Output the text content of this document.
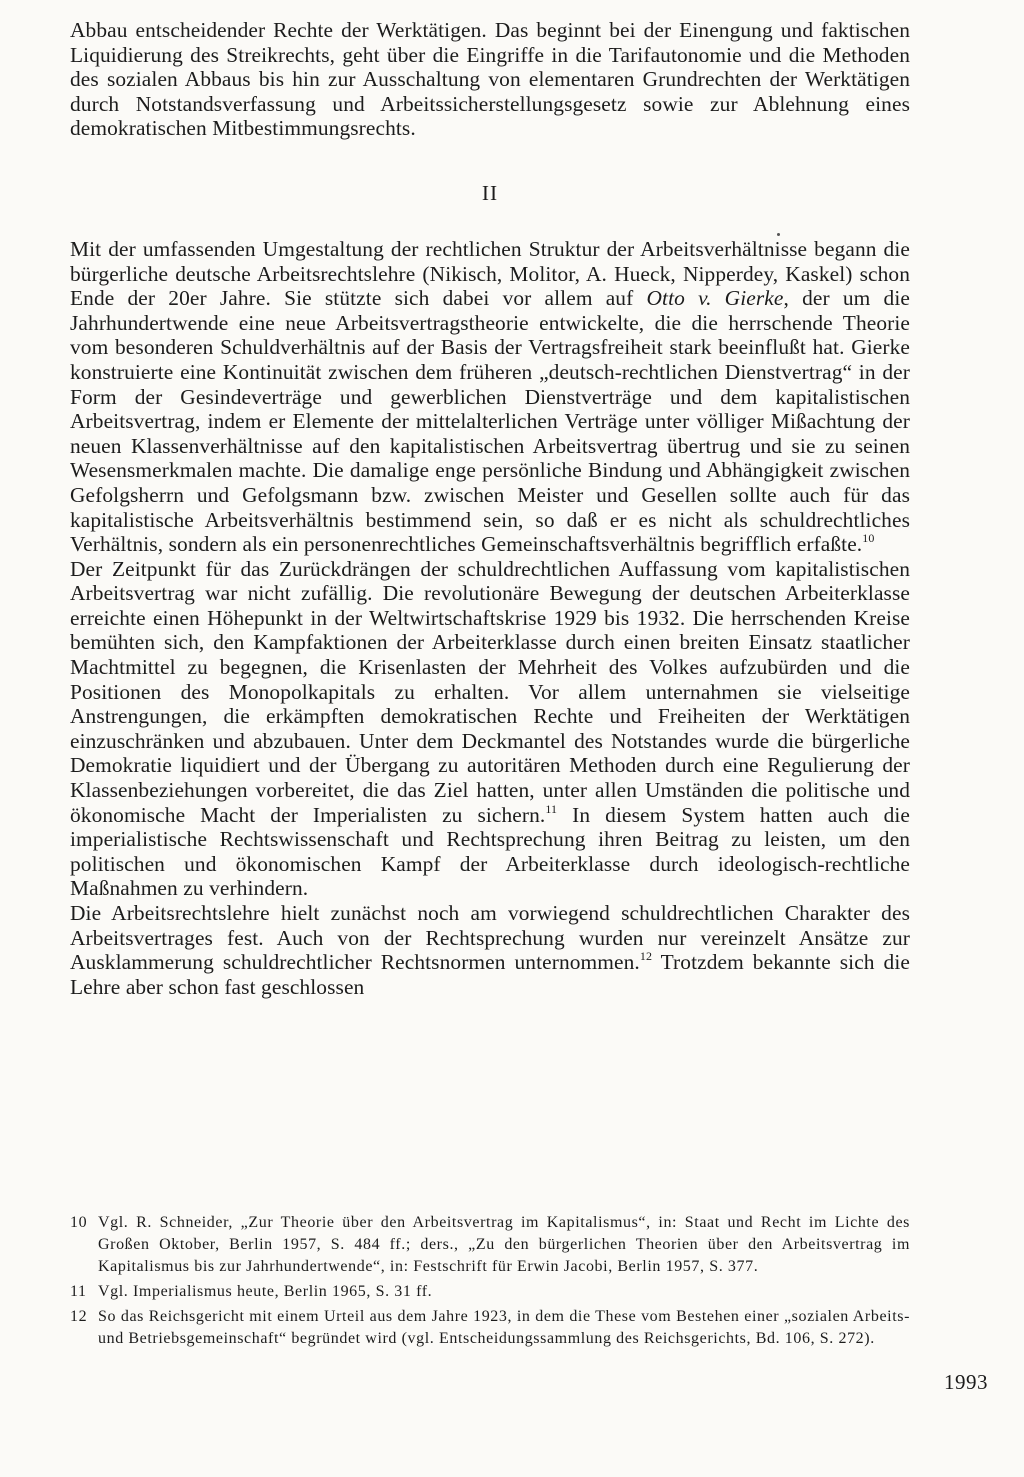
Abbau entscheidender Rechte der Werktätigen. Das beginnt bei der Einengung und faktischen Liquidierung des Streikrechts, geht über die Eingriffe in die Tarifautonomie und die Methoden des sozialen Abbaus bis hin zur Ausschaltung von elementaren Grundrechten der Werktätigen durch Notstandsverfassung und Arbeitssicherstellungsgesetz sowie zur Ablehnung eines demokratischen Mitbestimmungsrechts.

II

Mit der umfassenden Umgestaltung der rechtlichen Struktur der Arbeitsverhältnisse begann die bürgerliche deutsche Arbeitsrechtslehre (Nikisch, Molitor, A. Hueck, Nipperdey, Kaskel) schon Ende der 20er Jahre. Sie stützte sich dabei vor allem auf Otto v. Gierke, der um die Jahrhundertwende eine neue Arbeitsvertragstheorie entwickelte, die die herrschende Theorie vom besonderen Schuldverhältnis auf der Basis der Vertragsfreiheit stark beeinflußt hat. Gierke konstruierte eine Kontinuität zwischen dem früheren „deutsch-rechtlichen Dienstvertrag“ in der Form der Gesindeverträge und gewerblichen Dienstverträge und dem kapitalistischen Arbeitsvertrag, indem er Elemente der mittelalterlichen Verträge unter völliger Mißachtung der neuen Klassenverhältnisse auf den kapitalistischen Arbeitsvertrag übertrug und sie zu seinen Wesensmerkmalen machte. Die damalige enge persönliche Bindung und Abhängigkeit zwischen Gefolgsherrn und Gefolgsmann bzw. zwischen Meister und Gesellen sollte auch für das kapitalistische Arbeitsverhältnis bestimmend sein, so daß er es nicht als schuldrechtliches Verhältnis, sondern als ein personenrechtliches Gemeinschaftsverhältnis begrifflich erfaßte.$^{10}$

Der Zeitpunkt für das Zurückdrängen der schuldrechtlichen Auffassung vom kapitalistischen Arbeitsvertrag war nicht zufällig. Die revolutionäre Bewegung der deutschen Arbeiterklasse erreichte einen Höhepunkt in der Weltwirtschaftskrise 1929 bis 1932. Die herrschenden Kreise bemühten sich, den Kampfaktionen der Arbeiterklasse durch einen breiten Einsatz staatlicher Machtmittel zu begegnen, die Krisenlasten der Mehrheit des Volkes aufzubürden und die Positionen des Monopolkapitals zu erhalten. Vor allem unternahmen sie vielseitige Anstrengungen, die erkämpften demokratischen Rechte und Freiheiten der Werktätigen einzuschränken und abzubauen. Unter dem Deckmantel des Notstandes wurde die bürgerliche Demokratie liquidiert und der Übergang zu autoritären Methoden durch eine Regulierung der Klassenbeziehungen vorbereitet, die das Ziel hatten, unter allen Umständen die politische und ökonomische Macht der Imperialisten zu sichern.$^{11}$ In diesem System hatten auch die imperialistische Rechtswissenschaft und Rechtsprechung ihren Beitrag zu leisten, um den politischen und ökonomischen Kampf der Arbeiterklasse durch ideologisch-rechtliche Maßnahmen zu verhindern.

Die Arbeitsrechtslehre hielt zunächst noch am vorwiegend schuldrechtlichen Charakter des Arbeitsvertrages fest. Auch von der Rechtsprechung wurden nur vereinzelt Ansätze zur Ausklammerung schuldrechtlicher Rechtsnormen unternommen.$^{12}$ Trotzdem bekannte sich die Lehre aber schon fast geschlossen

10 Vgl. R. Schneider, „Zur Theorie über den Arbeitsvertrag im Kapitalismus“, in: Staat und Recht im Lichte des Großen Oktober, Berlin 1957, S. 484 ff.; ders., „Zu den bürgerlichen Theorien über den Arbeitsvertrag im Kapitalismus bis zur Jahrhundertwende“, in: Festschrift für Erwin Jacobi, Berlin 1957, S. 377.

11 Vgl. Imperialismus heute, Berlin 1965, S. 31 ff.

12 So das Reichsgericht mit einem Urteil aus dem Jahre 1923, in dem die These vom Bestehen einer „sozialen Arbeits- und Betriebsgemeinschaft“ begründet wird (vgl. Entscheidungssammlung des Reichsgerichts, Bd. 106, S. 272).

1993
